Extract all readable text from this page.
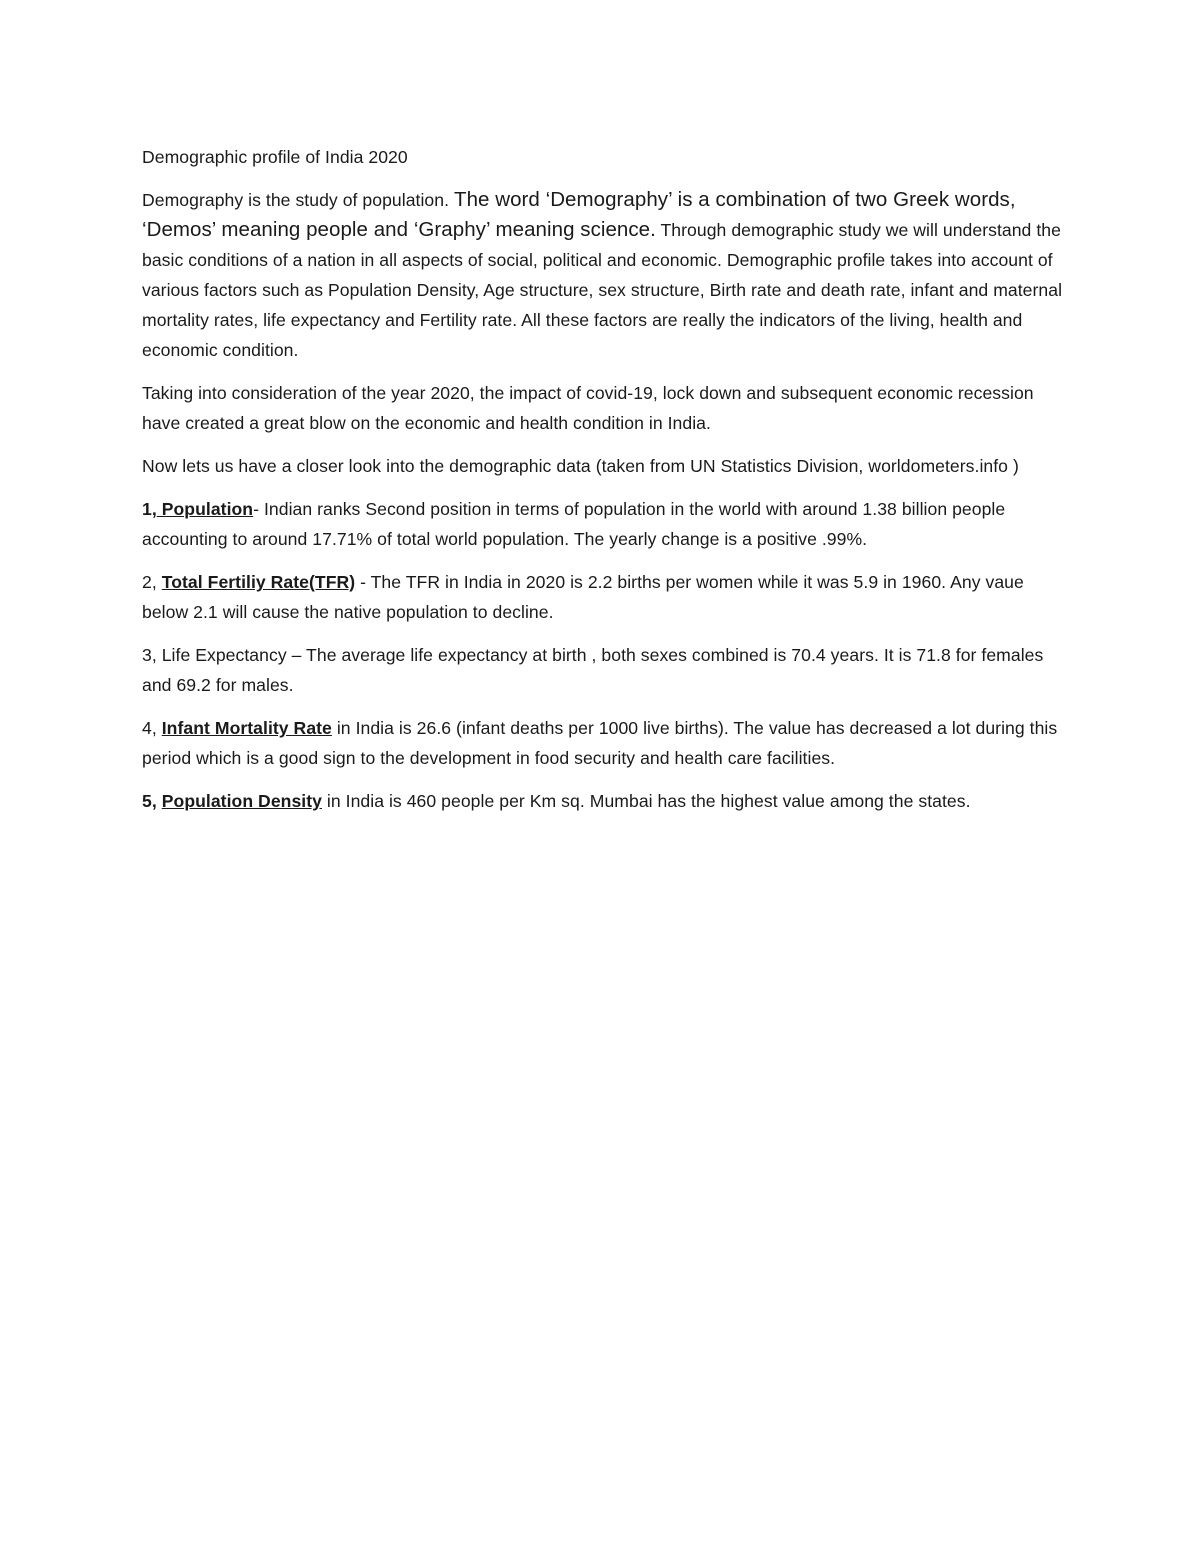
Demographic profile of India 2020

Demography is the study of population. The word ‘Demography’ is a combination of two Greek words, ‘Demos’ meaning people and ‘Graphy’ meaning science. Through demographic study we will understand the basic conditions of a nation in all aspects of social, political and economic. Demographic profile takes into account of various factors such as Population Density, Age structure, sex structure, Birth rate and death rate, infant and maternal mortality rates, life expectancy and Fertility rate. All these factors are really the indicators of the living, health and economic condition.

Taking into consideration of the year 2020, the impact of covid-19, lock down and subsequent economic recession have created a great blow on the economic and health condition in India.

Now lets us have a closer look into the demographic data (taken from UN Statistics Division, worldometers.info )

1, Population- Indian ranks Second position in terms of population in the world with around 1.38 billion people accounting to around 17.71% of total world population. The yearly change is a positive .99%.

2, Total Fertiliy Rate(TFR) - The TFR in India in 2020 is 2.2 births per women while it was 5.9 in 1960. Any vaue below 2.1 will cause the native population to decline.

3, Life Expectancy – The average life expectancy at birth , both sexes combined is 70.4 years. It is 71.8 for females and 69.2 for males.

4, Infant Mortality Rate in India is 26.6 (infant deaths per 1000 live births). The value has decreased a lot during this period which is a good sign to the development in food security and health care facilities.

5, Population Density in India is 460 people per Km sq. Mumbai has the highest value among the states.
